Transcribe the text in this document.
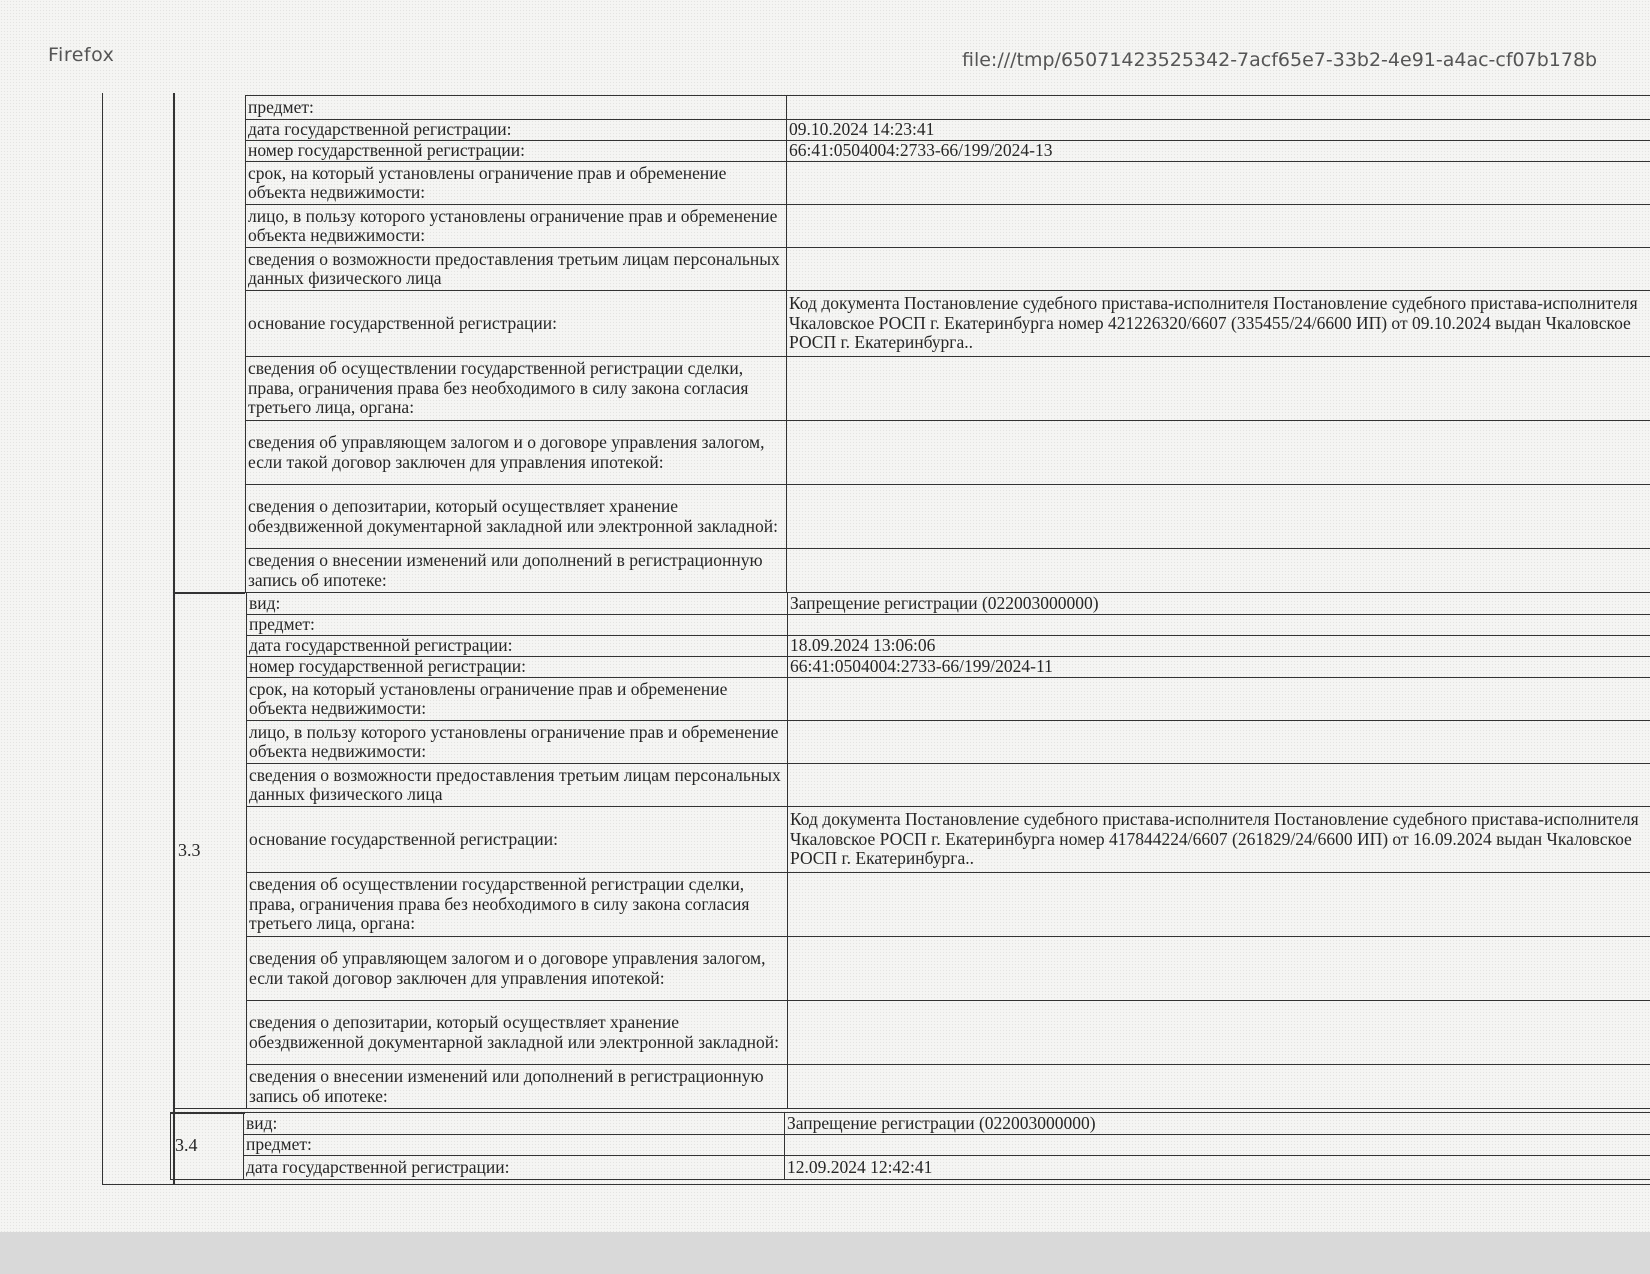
Firefox	file:///tmp/65071423525342-7acf65e7-33b2-4e91-a4ac-cf07b178b
предмет:	
дата государственной регистрации:	09.10.2024 14:23:41
номер государственной регистрации:	66:41:0504004:2733-66/199/2024-13
срок, на который установлены ограничение прав и обременение объекта недвижимости:	
лицо, в пользу которого установлены ограничение прав и обременение объекта недвижимости:	
сведения о возможности предоставления третьим лицам персональных данных физического лица	
основание государственной регистрации:	Код документа Постановление судебного пристава-исполнителя Постановление судебного пристава-исполнителя Чкаловское РОСП г. Екатеринбурга номер 421226320/6607 (335455/24/6600 ИП) от 09.10.2024 выдан Чкаловское РОСП г. Екатеринбурга..
сведения об осуществлении государственной регистрации сделки, права, ограничения права без необходимого в силу закона согласия третьего лица, органа:	
сведения об управляющем залогом и о договоре управления залогом, если такой договор заключен для управления ипотекой:	
сведения о депозитарии, который осуществляет хранение обездвиженной документарной закладной или электронной закладной:	
сведения о внесении изменений или дополнений в регистрационную запись об ипотеке:	
3.3	вид:	Запрещение регистрации (022003000000)
	предмет:	
	дата государственной регистрации:	18.09.2024 13:06:06
	номер государственной регистрации:	66:41:0504004:2733-66/199/2024-11
	срок, на который установлены ограничение прав и обременение объекта недвижимости:	
	лицо, в пользу которого установлены ограничение прав и обременение объекта недвижимости:	
	сведения о возможности предоставления третьим лицам персональных данных физического лица	
	основание государственной регистрации:	Код документа Постановление судебного пристава-исполнителя Постановление судебного пристава-исполнителя Чкаловское РОСП г. Екатеринбурга номер 417844224/6607 (261829/24/6600 ИП) от 16.09.2024 выдан Чкаловское РОСП г. Екатеринбурга..
	сведения об осуществлении государственной регистрации сделки, права, ограничения права без необходимого в силу закона согласия третьего лица, органа:	
	сведения об управляющем залогом и о договоре управления залогом, если такой договор заключен для управления ипотекой:	
	сведения о депозитарии, который осуществляет хранение обездвиженной документарной закладной или электронной закладной:	
	сведения о внесении изменений или дополнений в регистрационную запись об ипотеке:	
3.4	вид:	Запрещение регистрации (022003000000)
	предмет:	
	дата государственной регистрации:	12.09.2024 12:42:41
